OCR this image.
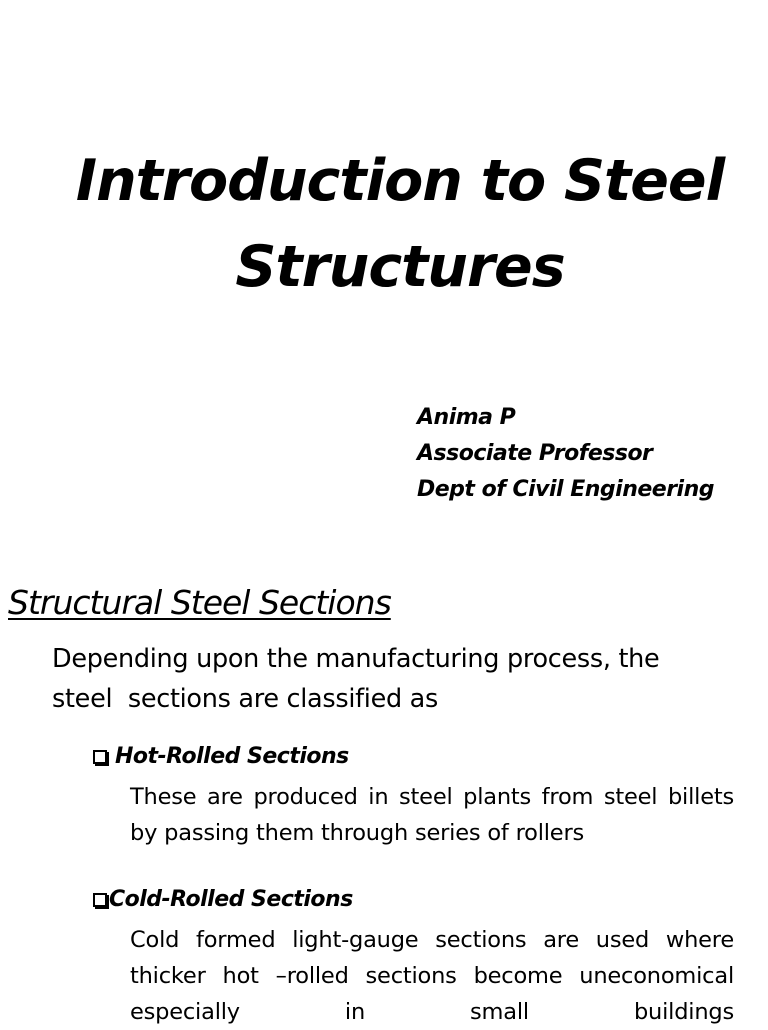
Introduction to Steel
Structures
Anima P
Associate Professor
Dept of Civil Engineering
Structural Steel Sections
Depending upon the manufacturing process, the
steel  sections are classified as
Hot-Rolled Sections
These are produced in steel plants from steel billets by passing them through series of rollers
Cold-Rolled Sections
Cold formed light-gauge sections are used where thicker hot –rolled sections become uneconomical especially in small buildings
